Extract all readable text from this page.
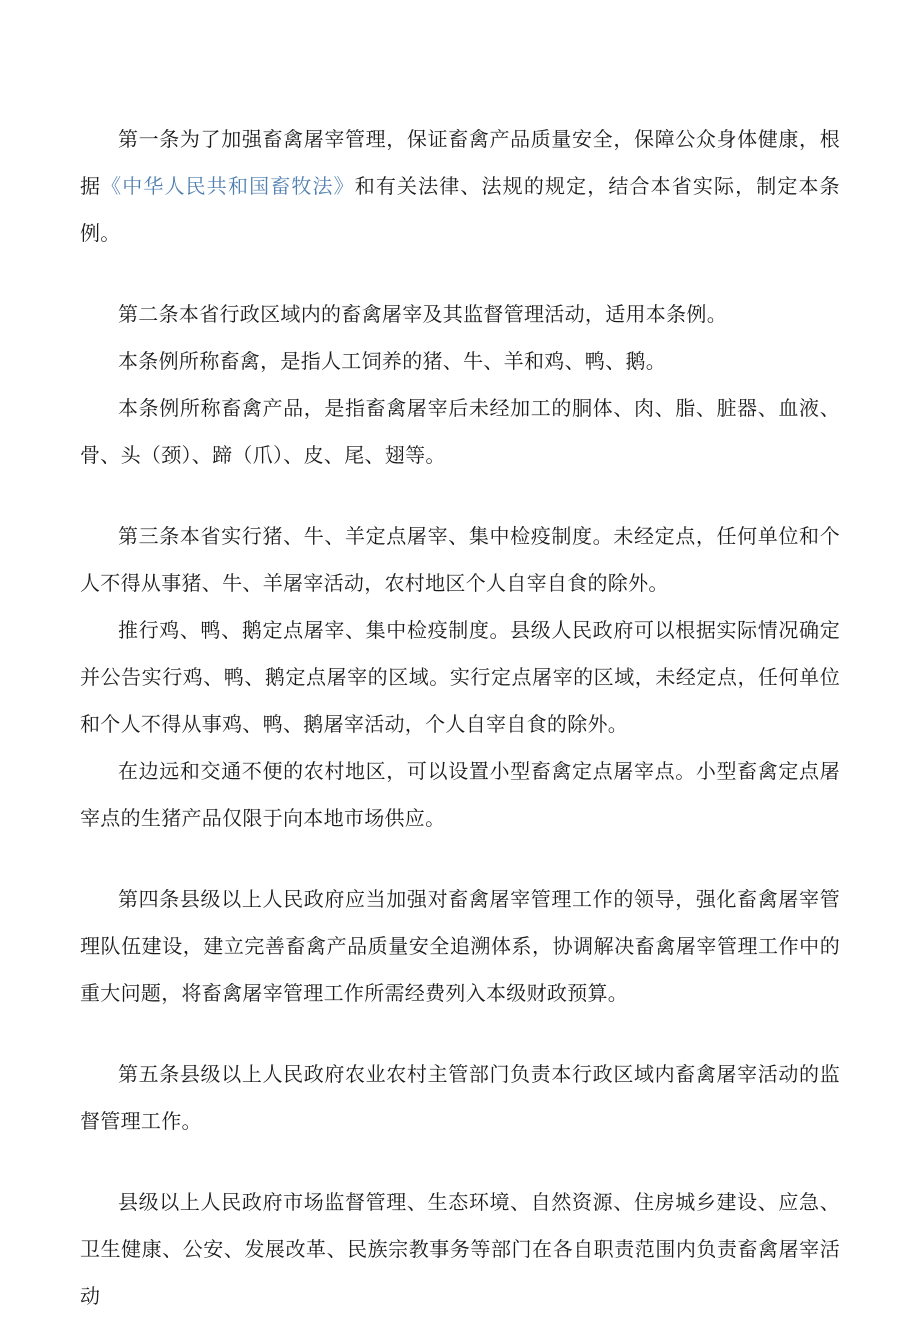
第一条为了加强畜禽屠宰管理，保证畜禽产品质量安全，保障公众身体健康，根据《中华人民共和国畜牧法》和有关法律、法规的规定，结合本省实际，制定本条例。

第二条本省行政区域内的畜禽屠宰及其监督管理活动，适用本条例。

本条例所称畜禽，是指人工饲养的猪、牛、羊和鸡、鸭、鹅。

本条例所称畜禽产品，是指畜禽屠宰后未经加工的胴体、肉、脂、脏器、血液、骨、头（颈）、蹄（爪）、皮、尾、翅等。

第三条本省实行猪、牛、羊定点屠宰、集中检疫制度。未经定点，任何单位和个人不得从事猪、牛、羊屠宰活动，农村地区个人自宰自食的除外。

推行鸡、鸭、鹅定点屠宰、集中检疫制度。县级人民政府可以根据实际情况确定并公告实行鸡、鸭、鹅定点屠宰的区域。实行定点屠宰的区域，未经定点，任何单位和个人不得从事鸡、鸭、鹅屠宰活动，个人自宰自食的除外。

在边远和交通不便的农村地区，可以设置小型畜禽定点屠宰点。小型畜禽定点屠宰点的生猪产品仅限于向本地市场供应。

第四条县级以上人民政府应当加强对畜禽屠宰管理工作的领导，强化畜禽屠宰管理队伍建设，建立完善畜禽产品质量安全追溯体系，协调解决畜禽屠宰管理工作中的重大问题，将畜禽屠宰管理工作所需经费列入本级财政预算。

第五条县级以上人民政府农业农村主管部门负责本行政区域内畜禽屠宰活动的监督管理工作。

县级以上人民政府市场监督管理、生态环境、自然资源、住房城乡建设、应急、卫生健康、公安、发展改革、民族宗教事务等部门在各自职责范围内负责畜禽屠宰活动
